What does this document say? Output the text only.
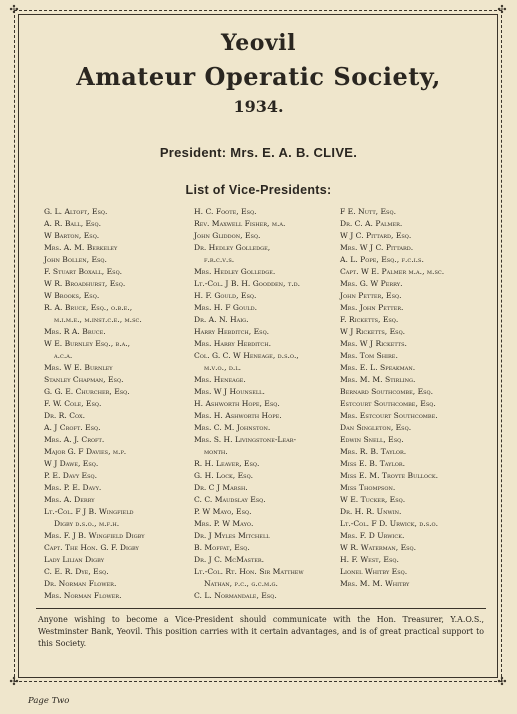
✣	✣
✣	✣
Yeovil
Amateur Operatic Society,
1934.
President: Mrs. E. A. B. CLIVE.
List of Vice-Presidents:
G. L. Altoft, Esq.
A. R. Ball, Esq.
W Barton, Esq.
Mrs. A. M. Berkeley
John Bollen, Esq.
F. Stuart Boxall, Esq.
W R. Broadhurst, Esq.
W Brooks, Esq.
R. A. Bruce, Esq., o.b.e.,
m.i.m.e., m.inst.c.e., m.sc.
Mrs. R A. Bruce.
W E. Burnley Esq., b.a.,
a.c.a.
Mrs. W E. Burnley
Stanley Chapman, Esq.
G. G. E. Churcher, Esq.
F. W. Cole, Esq.
Dr. R. Cox.
A. J Croft. Esq.
Mrs. A. J. Croft.
Major G. F Davies, m.p.
W J Dawe, Esq.
P. E. Davy Esq.
Mrs. P. E. Davy.
Mrs. A. Derry
Lt.-Col. F J B. Wingfield
Digby d.s.o., m.f.h.
Mrs. F. J B. Wingfield Digby
Capt. The Hon. G. F. Digby
Lady Lilian Digby
C. E. R. Dye, Esq.
Dr. Norman Flower.
Mrs. Norman Flower.
H. C. Foote, Esq.
Rev. Maxwell Fisher, m.a.
John Gliddon, Esq.
Dr. Hedley Golledge,
f.r.c.v.s.
Mrs. Hedley Golledge.
Lt.-Col. J B. H. Goodden, t.d.
H. F. Gould, Esq.
Mrs. H. F Gould.
Dr. A. N. Haig.
Harry Hebditch, Esq.
Mrs. Harry Hebditch.
Col. G. C. W Heneage, d.s.o.,
m.v.o., d.l.
Mrs. Heneage.
Mrs. W J Hounsell.
H. Ashworth Hope, Esq.
Mrs. H. Ashworth Hope.
Mrs. C. M. Johnston.
Mrs. S. H. Livingstone-Lear-
month.
R. H. Leaver, Esq.
G. H. Lock, Esq.
Dr. C J Marsh.
C. C. Maudslay Esq.
P. W Mayo, Esq.
Mrs. P. W Mayo.
Dr. J Myles Mitchell
B. Moffat, Esq.
Dr. J C. McMaster.
Lt.-Col. Rt. Hon. Sir Matthew
Nathan, p.c., g.c.m.g.
C. L. Normandale, Esq.
F E. Nutt, Esq.
Dr. C. A. Palmer.
W J C. Pittard, Esq.
Mrs. W J C. Pittard.
A. L. Pope, Esq., f.c.i.s.
Capt. W E. Palmer m.a., m.sc.
Mrs. G. W Perry.
John Petter, Esq.
Mrs. John Petter.
F. Ricketts, Esq.
W J Ricketts, Esq.
Mrs. W J Ricketts.
Mrs. Tom Shire.
Mrs. E. L. Speakman.
Mrs. M. M. Stirling.
Bernard Southcombe, Esq.
Estcourt Southcombe, Esq.
Mrs. Estcourt Southcombe.
Dan Singleton, Esq.
Edwin Snell, Esq.
Mrs. R. B. Taylor.
Miss E. B. Taylor.
Miss E. M. Troyte Bullock.
Miss Thompson.
W E. Tucker, Esq.
Dr. H. R. Unwin.
Lt.-Col. F D. Urwick, d.s.o.
Mrs. F. D Urwick.
W R. Waterman, Esq.
H. F. West, Esq.
Lionel Whitby Esq.
Mrs. M. M. Whitby
Anyone wishing to become a Vice-President should communicate with the Hon. Treasurer, Y.A.O.S., Westminster Bank, Yeovil. This position carries with it certain advantages, and is of great practical support to this Society.
Page Two
